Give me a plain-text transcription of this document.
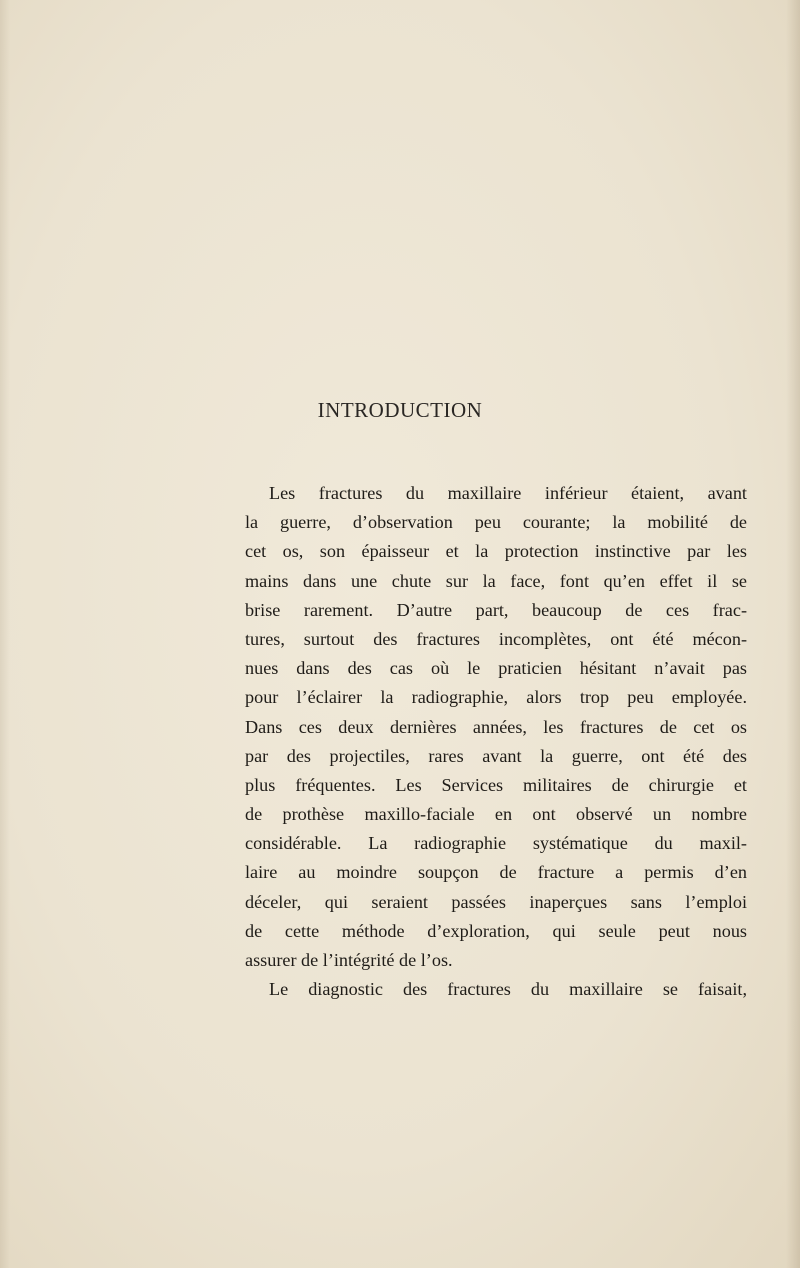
INTRODUCTION
Les fractures du maxillaire inférieur étaient, avant
la guerre, d’observation peu courante; la mobilité de
cet os, son épaisseur et la protection instinctive par les
mains dans une chute sur la face, font qu’en effet il se
brise rarement. D’autre part, beaucoup de ces frac-
tures, surtout des fractures incomplètes, ont été mécon-
nues dans des cas où le praticien hésitant n’avait pas
pour l’éclairer la radiographie, alors trop peu employée.
Dans ces deux dernières années, les fractures de cet os
par des projectiles, rares avant la guerre, ont été des
plus fréquentes. Les Services militaires de chirurgie et
de prothèse maxillo-faciale en ont observé un nombre
considérable. La radiographie systématique du maxil-
laire au moindre soupçon de fracture a permis d’en
déceler, qui seraient passées inaperçues sans l’emploi
de cette méthode d’exploration, qui seule peut nous
assurer de l’intégrité de l’os.
Le diagnostic des fractures du maxillaire se faisait,
